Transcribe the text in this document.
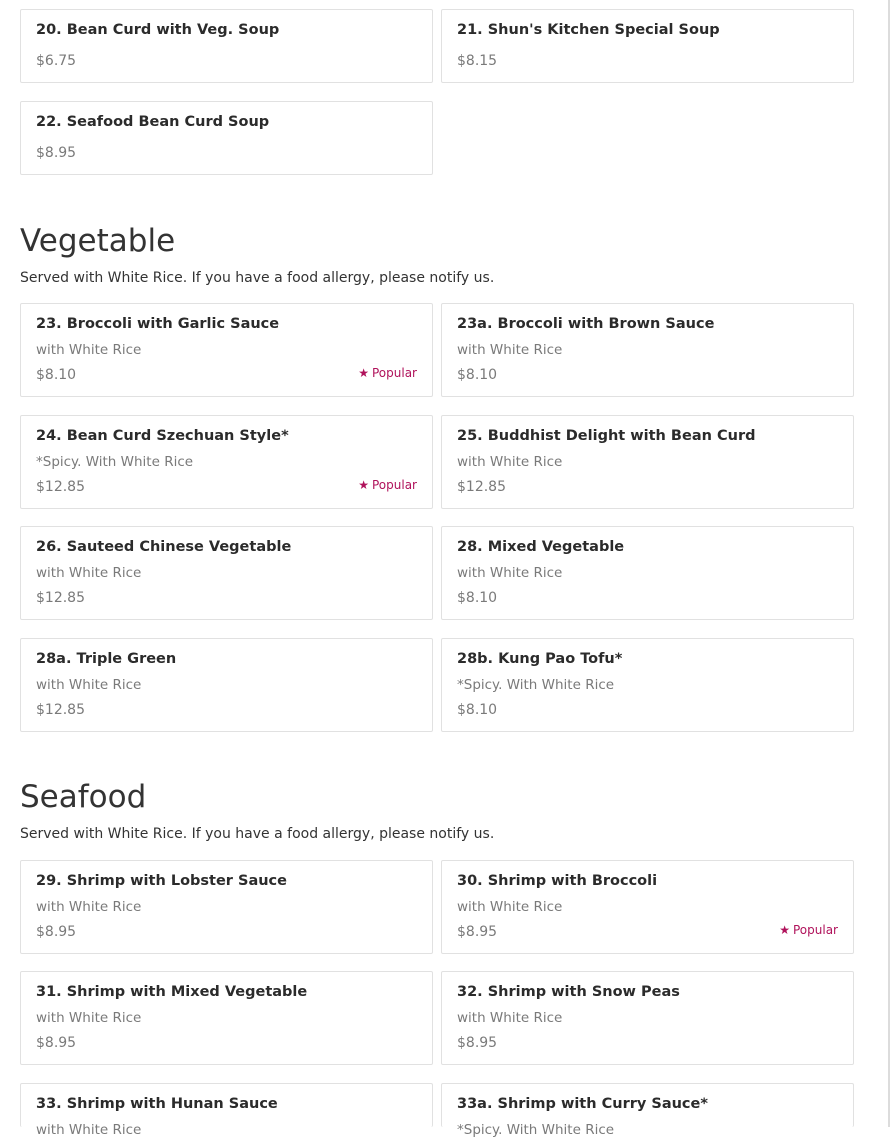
20. Bean Curd with Veg. Soup
$6.75
21. Shun's Kitchen Special Soup
$8.15
22. Seafood Bean Curd Soup
$8.95
Vegetable
Served with White Rice. If you have a food allergy, please notify us.
23. Broccoli with Garlic Sauce
with White Rice
$8.10	★ Popular
23a. Broccoli with Brown Sauce
with White Rice
$8.10
24. Bean Curd Szechuan Style*
*Spicy. With White Rice
$12.85	★ Popular
25. Buddhist Delight with Bean Curd
with White Rice
$12.85
26. Sauteed Chinese Vegetable
with White Rice
$12.85
28. Mixed Vegetable
with White Rice
$8.10
28a. Triple Green
with White Rice
$12.85
28b. Kung Pao Tofu*
*Spicy. With White Rice
$8.10
Seafood
Served with White Rice. If you have a food allergy, please notify us.
29. Shrimp with Lobster Sauce
with White Rice
$8.95
30. Shrimp with Broccoli
with White Rice
$8.95	★ Popular
31. Shrimp with Mixed Vegetable
with White Rice
$8.95
32. Shrimp with Snow Peas
with White Rice
$8.95
33. Shrimp with Hunan Sauce
with White Rice
33a. Shrimp with Curry Sauce*
*Spicy. With White Rice
